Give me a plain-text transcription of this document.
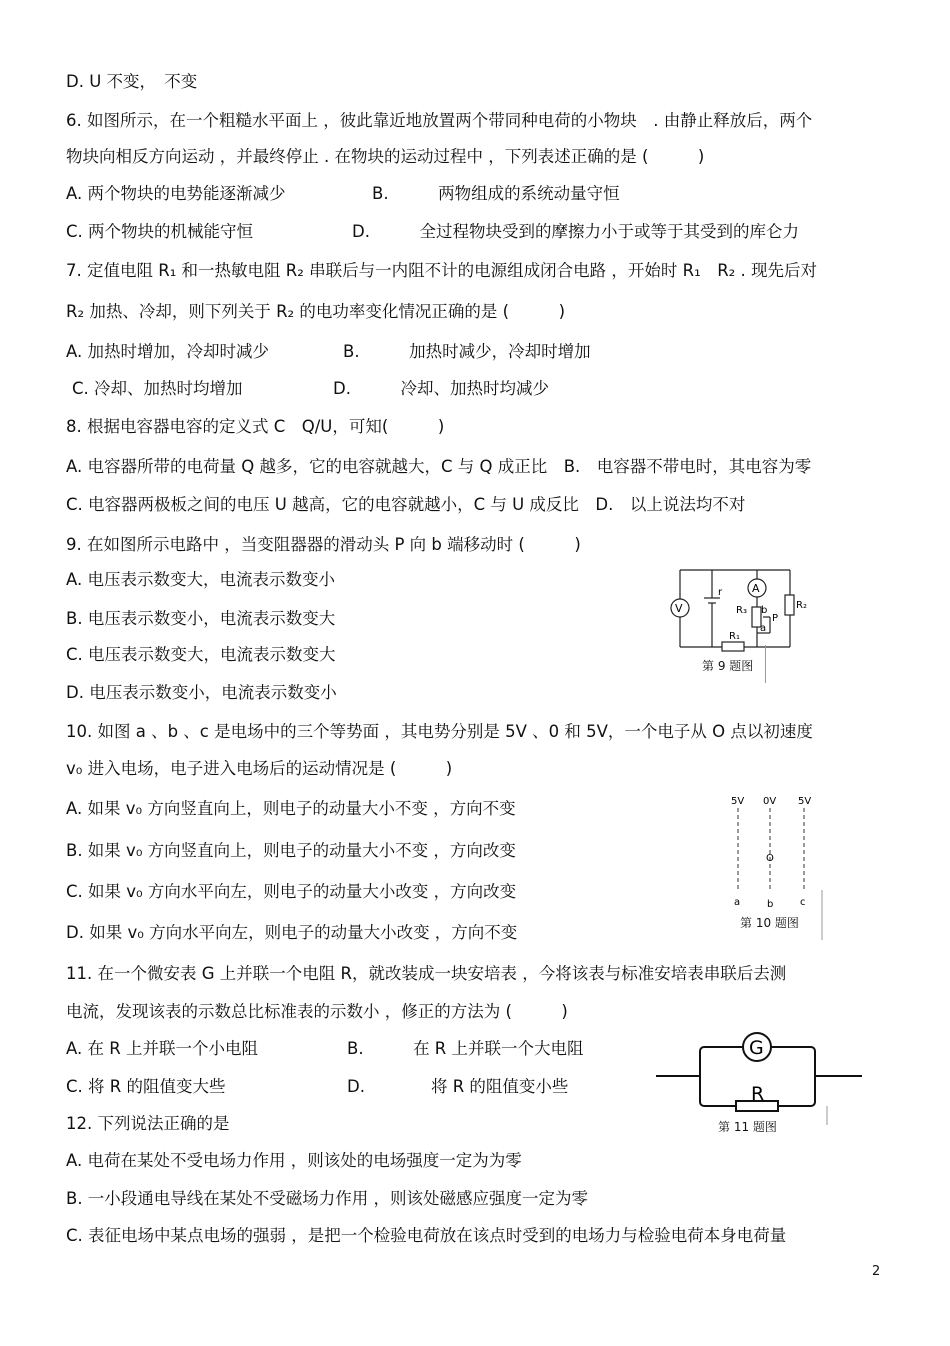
D. U 不变，　不变
6. 如图所示，在一个粗糙水平面上 ，彼此靠近地放置两个带同种电荷的小物块　. 由静止释放后，两个
物块向相反方向运动 ，并最终停止 . 在物块的运动过程中 ，下列表述正确的是 (　　　)
A. 两个物块的电势能逐渐减少	B.　　　两物组成的系统动量守恒
C. 两个物块的机械能守恒	D.　　　全过程物块受到的摩擦力小于或等于其受到的库仑力
7. 定值电阻 R₁ 和一热敏电阻 R₂ 串联后与一内阻不计的电源组成闭合电路 ，开始时 R₁　R₂ . 现先后对
R₂ 加热、冷却，则下列关于 R₂ 的电功率变化情况正确的是 (　　　)
A. 加热时增加，冷却时减少	B.　　　加热时减少，冷却时增加
C. 冷却、加热时均增加	D.　　　冷却、加热时均减少
8. 根据电容器电容的定义式 C　Q/U，可知(　　　)
A. 电容器所带的电荷量 Q 越多，它的电容就越大，C 与 Q 成正比　B.　电容器不带电时，其电容为零
C. 电容器两极板之间的电压 U 越高，它的电容就越小，C 与 U 成反比　D.　以上说法均不对
9. 在如图所示电路中 ，当变阻器器的滑动头 P 向 b 端移动时 (　　　)
A. 电压表示数变大，电流表示数变小
B. 电压表示数变小，电流表示数变大
C. 电压表示数变大，电流表示数变大
D. 电压表示数变小，电流表示数变小
10. 如图 a 、b 、c 是电场中的三个等势面 ，其电势分别是 5V 、0 和 5V，一个电子从 O 点以初速度
v₀ 进入电场，电子进入电场后的运动情况是 (　　　)
A. 如果 v₀ 方向竖直向上，则电子的动量大小不变 ，方向不变
B. 如果 v₀ 方向竖直向上，则电子的动量大小不变 ，方向改变
C. 如果 v₀ 方向水平向左，则电子的动量大小改变 ，方向改变
D. 如果 v₀ 方向水平向左，则电子的动量大小改变 ，方向不变
11. 在一个微安表 G 上并联一个电阻 R，就改装成一块安培表 ，今将该表与标准安培表串联后去测
电流，发现该表的示数总比标准表的示数小 ，修正的方法为 (　　　)
A. 在 R 上并联一个小电阻	B.　　　在 R 上并联一个大电阻
C. 将 R 的阻值变大些	D.　　　　将 R 的阻值变小些
12. 下列说法正确的是
A. 电荷在某处不受电场力作用 ，则该处的电场强度一定为为零
B. 一小段通电导线在某处不受磁场力作用 ，则该处磁感应强度一定为零
C. 表征电场中某点电场的强弱 ，是把一个检验电荷放在该点时受到的电场力与检验电荷本身电荷量
V
A
r
R₃ b
P
a
R₂
R₁
第 9 题图
5V 0V 5V
O
a	b	c
第 10 题图
G
R
第 11 题图
2
